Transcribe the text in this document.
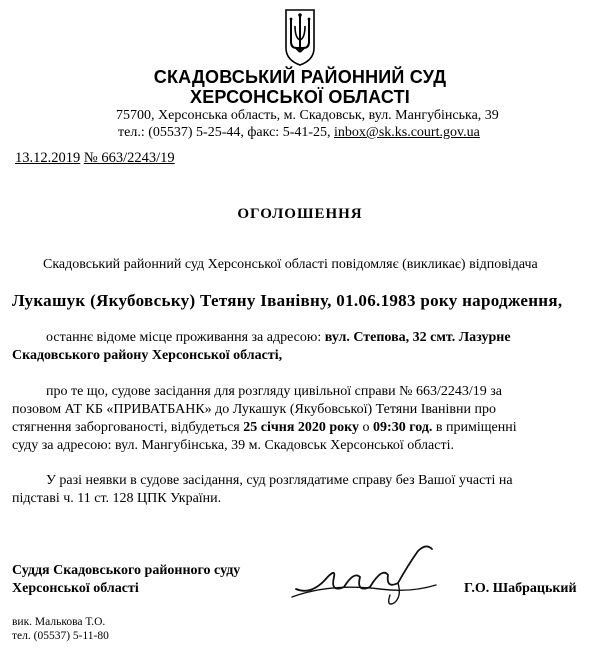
СКАДОВСЬКИЙ РАЙОННИЙ СУД
ХЕРСОНСЬКОЇ ОБЛАСТІ
75700, Херсонська область, м. Скадовськ, вул. Мангубінська, 39
тел.: (05537) 5-25-44, факс: 5-41-25, inbox@sk.ks.court.gov.ua
13.12.2019 № 663/2243/19
ОГОЛОШЕННЯ
Скадовський районний суд Херсонської області повідомляє (викликає) відповідача
Лукашук (Якубовську) Тетяну Іванівну, 01.06.1983 року народження,
останнє відоме місце проживання за адресою: вул. Степова, 32 смт. Лазурне
Скадовського району Херсонської області,
про те що, судове засідання для розгляду цивільної справи № 663/2243/19 за
позовом АТ КБ «ПРИВАТБАНК» до Лукашук (Якубовської) Тетяни Іванівни про
стягнення заборгованості, відбудеться 25 січня 2020 року о 09:30 год. в приміщенні
суду за адресою: вул. Мангубінська, 39 м. Скадовськ Херсонської області.
У разі неявки в судове засідання, суд розглядатиме справу без Вашої участі на
підставі ч. 11 ст. 128 ЦПК України.
Суддя Скадовського районного суду
Херсонської області	Г.О. Шабрацький
вик. Малькова Т.О.
тел. (05537) 5-11-80
